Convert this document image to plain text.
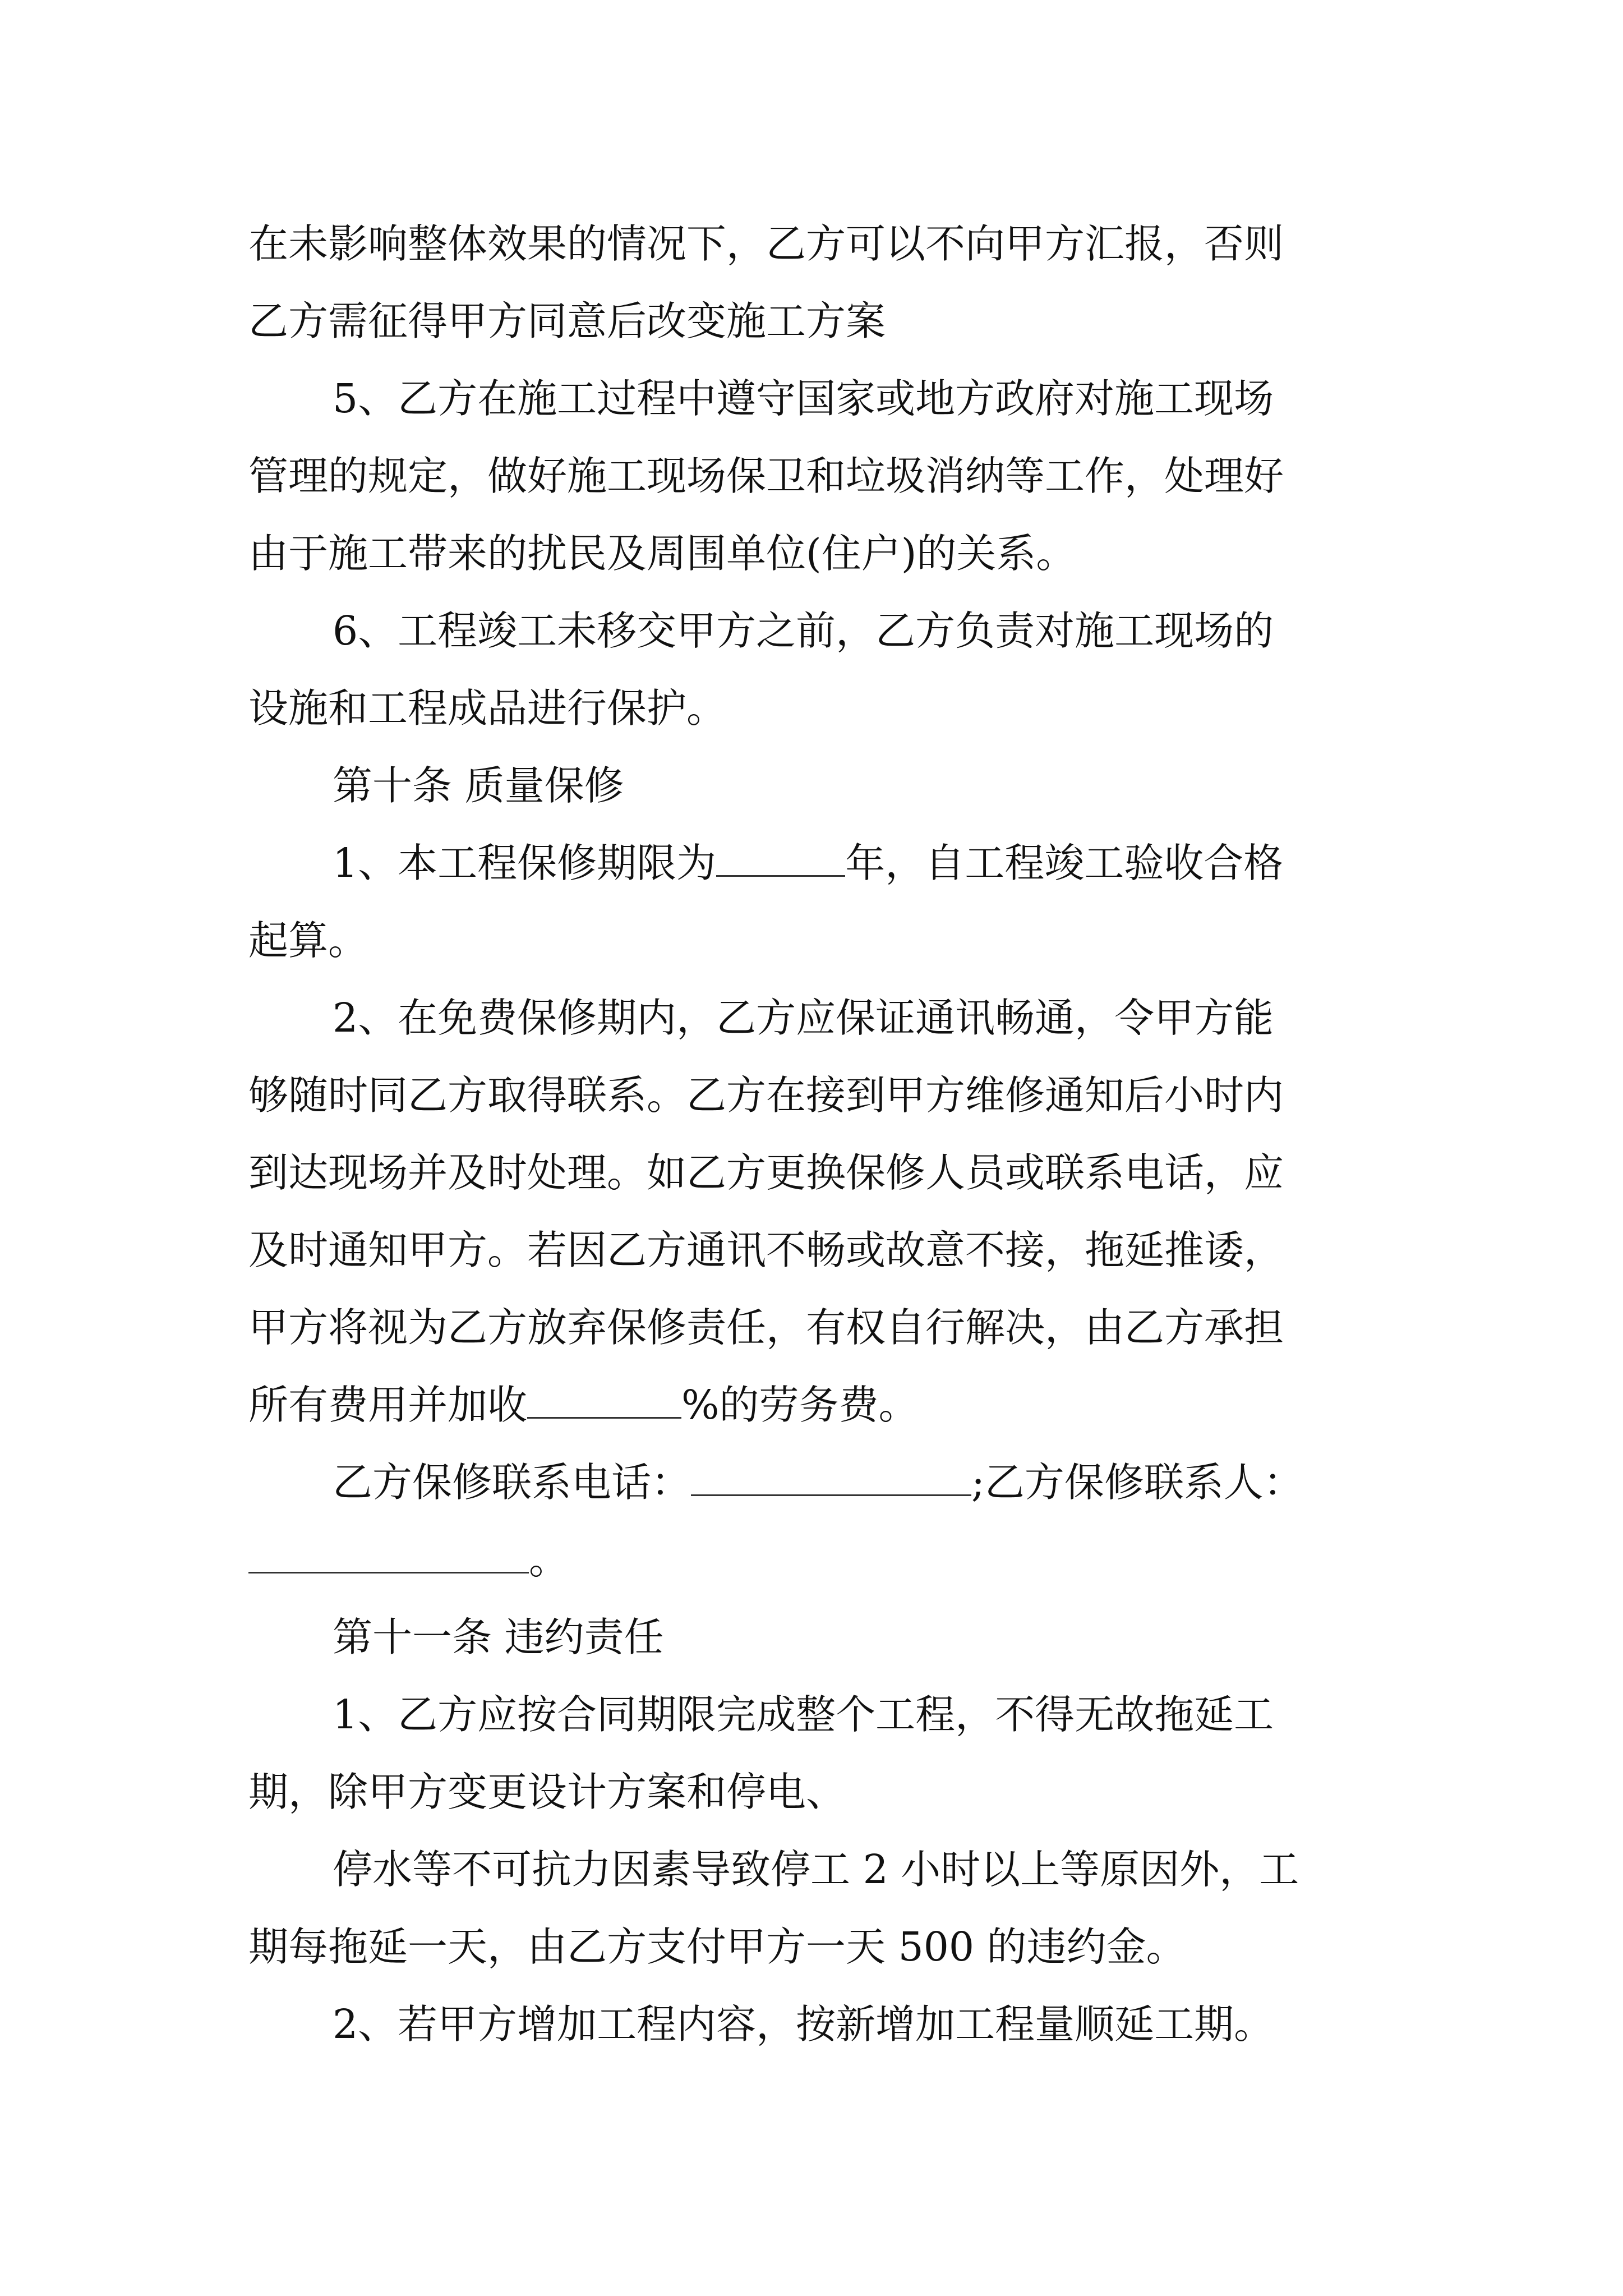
在未影响整体效果的情况下，乙方可以不向甲方汇报，否则
乙方需征得甲方同意后改变施工方案
5、乙方在施工过程中遵守国家或地方政府对施工现场
管理的规定，做好施工现场保卫和垃圾消纳等工作，处理好
由于施工带来的扰民及周围单位(住户)的关系。
6、工程竣工未移交甲方之前，乙方负责对施工现场的
设施和工程成品进行保护。
第十条 质量保修
1、本工程保修期限为	年，自工程竣工验收合格
起算。
2、在免费保修期内，乙方应保证通讯畅通，令甲方能
够随时同乙方取得联系。乙方在接到甲方维修通知后小时内
到达现场并及时处理。如乙方更换保修人员或联系电话，应
及时通知甲方。若因乙方通讯不畅或故意不接，拖延推诿，
甲方将视为乙方放弃保修责任，有权自行解决，由乙方承担
所有费用并加收	%的劳务费。
乙方保修联系电话：	;乙方保修联系人：
。
第十一条 违约责任
1、乙方应按合同期限完成整个工程，不得无故拖延工
期，除甲方变更设计方案和停电、
停水等不可抗力因素导致停工 2 小时以上等原因外，工
期每拖延一天，由乙方支付甲方一天 500 的违约金。
2、若甲方增加工程内容，按新增加工程量顺延工期。
